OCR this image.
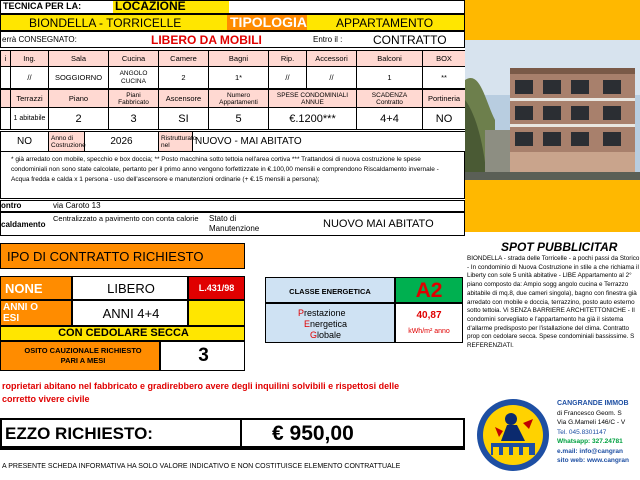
TECNICA PER LA:	LOCAZIONE
BIONDELLA - TORRICELLE	TIPOLOGIA APPARTAMENTO
errà CONSEGNATO:	LIBERO DA MOBILI	Entro il :	CONTRATTO
i	Ing.	Sala	Cucina	Camere	Bagni	Rip.	Accessori	Balconi	BOX
	//	SOGGIORNO	ANGOLO CUCINA	2	1*	//	//	1	**
	Terrazzi	Piano	Piani Fabbricato	Ascensore	Numero Appartamenti	SPESE CONDOMINIALI ANNUE	SCADENZA Contratto	Portineria
	1 abitabile	2	3	SI	5	€.1200***	4+4	NO
NO	Anno di Costruzione	2026	Ristrutturato nel	NUOVO - MAI ABITATO
* già arredato con mobile, specchio e box doccia; ** Posto macchina sotto tettoia nell'area cortiva *** Trattandosi di nuova costruzione le spese condominiali non sono state calcolate, pertanto per il primo anno vengono forfettizzate in €.100,00 mensili e comprendono Riscaldamento invernale - Acqua fredda e calda x 1 persona - uso dell'ascensore e manutenzioni ordinarie (+ €.15 mensili a persona);
ontro	via Caroto 13
caldamento
Centralizzato a pavimento con conta calorie	Stato di Manutenzione	NUOVO MAI ABITATO
IPO DI CONTRATTO RICHIESTO
NONE	LIBERO	L.431/98
ANNI O
ESI	ANNI 4+4
CON CEDOLARE SECCA
OSITO CAUZIONALE RICHIESTO
PARI A MESI	3
CLASSE ENERGETICA	A2
Prestazione
Energetica
Globale
40,87
kWh/m² anno
roprietari abitano nel fabbricato e gradirebbero avere degli inquilini solvibili e rispettosi delle
corretto vivere civile
EZZO RICHIESTO:	€ 950,00
A PRESENTE SCHEDA INFORMATIVA HA SOLO VALORE INDICATIVO E NON COSTITUISCE ELEMENTO CONTRATTUALE
SPOT PUBBLICITAR
BIONDELLA - strada delle Torricelle - a pochi passi da Storico - In condominio di Nuova Costruzione in stile a che richiama il Liberty con sole 5 unità abitative - LIBE Appartamento al 2° piano composto da: Ampio sogg angolo cucina e Terrazzo abitabile di mq.8, due cameri singola), bagno con finestra già arredato con mobile e doccia, terrazzino, posto auto esterno sotto tettoia. Vi SENZA BARRIERE ARCHITETTONICHE - Il condomini sorvegliato e l'appartamento ha già il sistema d'allarme predisposto per l'istallazione del clima. Contratto prop con cedolare secca. Spese condominiali bassissime. S REFERENZIATI.
CANGRANDE IMMOB
di Francesco Geom. S
Via G.Mameli 146/C - V
Tel. 045.8301147
Whatsapp: 327.24781
e.mail: info@cangran
sito web: www.cangran
